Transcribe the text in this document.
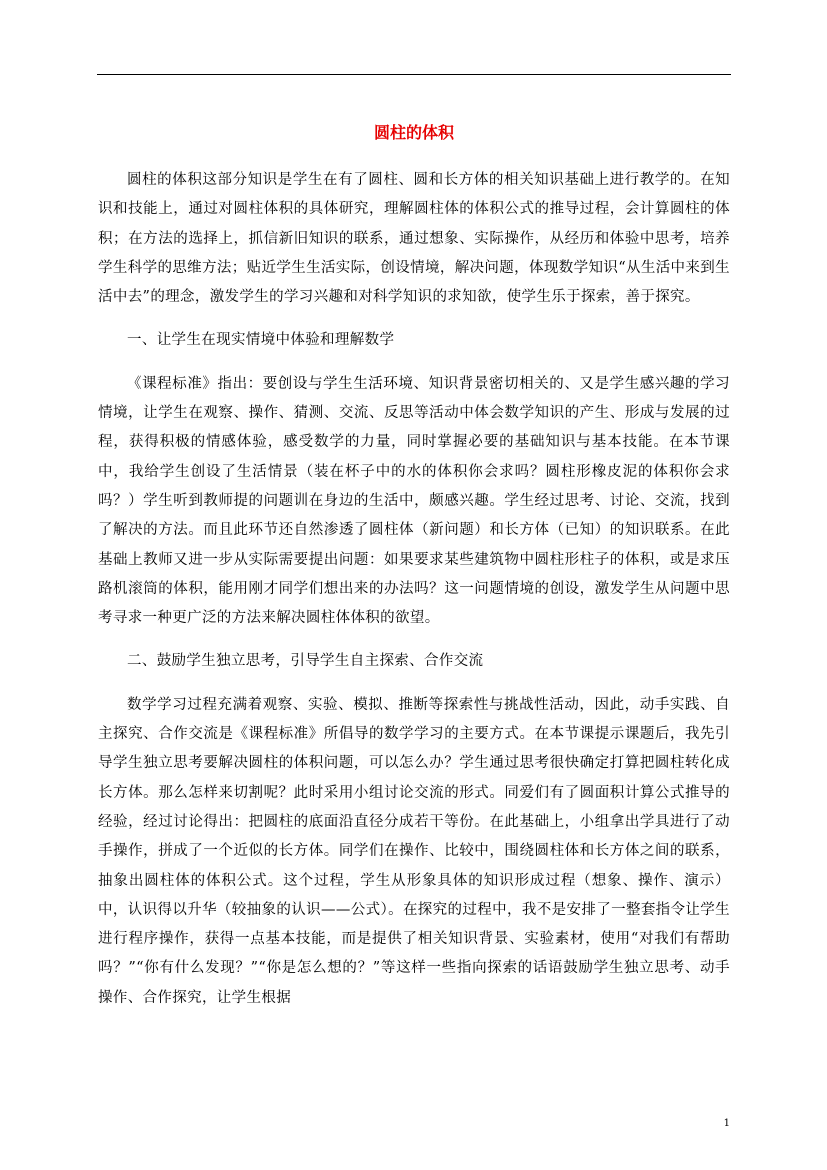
圆柱的体积

圆柱的体积这部分知识是学生在有了圆柱、圆和长方体的相关知识基础上进行教学的。在知识和技能上，通过对圆柱体积的具体研究，理解圆柱体的体积公式的推导过程，会计算圆柱的体积；在方法的选择上，抓信新旧知识的联系，通过想象、实际操作，从经历和体验中思考，培养学生科学的思维方法；贴近学生生活实际，创设情境，解决问题，体现数学知识“从生活中来到生活中去”的理念，激发学生的学习兴趣和对科学知识的求知欲，使学生乐于探索，善于探究。

一、让学生在现实情境中体验和理解数学

《课程标准》指出：要创设与学生生活环境、知识背景密切相关的、又是学生感兴趣的学习情境，让学生在观察、操作、猜测、交流、反思等活动中体会数学知识的产生、形成与发展的过程，获得积极的情感体验，感受数学的力量，同时掌握必要的基础知识与基本技能。在本节课中，我给学生创设了生活情景（装在杯子中的水的体积你会求吗？圆柱形橡皮泥的体积你会求吗？）学生听到教师提的问题训在身边的生活中，颇感兴趣。学生经过思考、讨论、交流，找到了解决的方法。而且此环节还自然渗透了圆柱体（新问题）和长方体（已知）的知识联系。在此基础上教师又进一步从实际需要提出问题：如果要求某些建筑物中圆柱形柱子的体积，或是求压路机滚筒的体积，能用刚才同学们想出来的办法吗？这一问题情境的创设，激发学生从问题中思考寻求一种更广泛的方法来解决圆柱体体积的欲望。

二、鼓励学生独立思考，引导学生自主探索、合作交流

数学学习过程充满着观察、实验、模拟、推断等探索性与挑战性活动，因此，动手实践、自主探究、合作交流是《课程标准》所倡导的数学学习的主要方式。在本节课提示课题后，我先引导学生独立思考要解决圆柱的体积问题，可以怎么办？学生通过思考很快确定打算把圆柱转化成长方体。那么怎样来切割呢？此时采用小组讨论交流的形式。同爱们有了圆面积计算公式推导的经验，经过讨论得出：把圆柱的底面沿直径分成若干等份。在此基础上，小组拿出学具进行了动手操作，拼成了一个近似的长方体。同学们在操作、比较中，围绕圆柱体和长方体之间的联系，抽象出圆柱体的体积公式。这个过程，学生从形象具体的知识形成过程（想象、操作、演示）中，认识得以升华（较抽象的认识——公式）。在探究的过程中，我不是安排了一整套指令让学生进行程序操作，获得一点基本技能，而是提供了相关知识背景、实验素材，使用“对我们有帮助吗？”“你有什么发现？”“你是怎么想的？”等这样一些指向探索的话语鼓励学生独立思考、动手操作、合作探究，让学生根据

1
